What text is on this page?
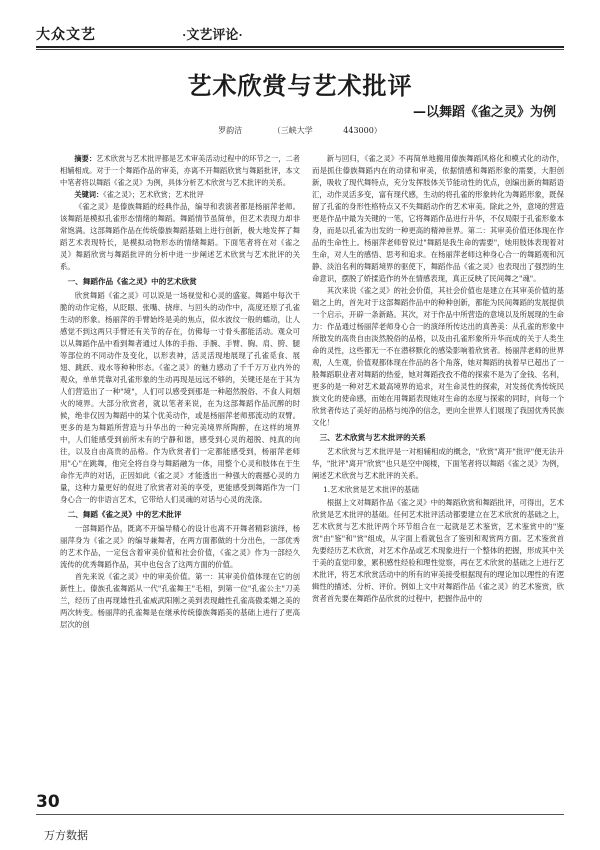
大众文艺	·文艺评论·
艺术欣赏与艺术批评
—以舞蹈《雀之灵》为例
罗韵洁	（三峡大学	443000）

摘要：艺术欣赏与艺术批评都是艺术审美活动过程中的环节之一，二者相辅相成。对于一个舞蹈作品的审美，亦离不开舞蹈欣赏与舞蹈批评，本文中笔者将以舞蹈《雀之灵》为例，具体分析艺术欣赏与艺术批评的关系。

关键词：《雀之灵》；艺术欣赏；艺术批评

《雀之灵》是傣族舞蹈的经典作品，编导和表演者都是杨丽萍老师。该舞蹈是模拟孔雀形态情绪的舞蹈。舞蹈情节虽简单，但艺术表现力却非常饱满。这部舞蹈作品在传统傣族舞蹈基础上进行创新，极大地发挥了舞蹈艺术表现特长，是模拟动物形态的情绪舞蹈。下面笔者将在对《雀之灵》舞蹈欣赏与舞蹈批评的分析中进一步阐述艺术欣赏与艺术批评的关系。

一、舞蹈作品《雀之灵》中的艺术欣赏

欣赏舞蹈《雀之灵》可以说是一场视觉和心灵的盛宴。舞蹈中每次干脆的动作定格，从眨眼、张嘴、挠痒、与回头的动作中，高度还原了孔雀生动的形象。杨丽萍的手臂始终是美的焦点，似水波纹一般的蠕动，让人感觉不到这两只手臂还有关节的存在，仿佛每一寸骨头都能活动。观众可以从舞蹈作品中看到舞者通过人体的手指、手腕、手臂、胸、肩、胯、腿等部位的不同动作及变化，以形表神，活灵活现地展现了孔雀觅食、展翅、跳跃、戏水等种种形态。《雀之灵》的魅力感动了千千万万业内外的观众，单单凭靠对孔雀形象的生动再现是远远不够的，关键还是在于其为人们营造出了一种"境"，人们可以感受到那是一种超然脱俗、不食人间烟火的境界。大部分欣赏者，就以笔者来说，在为这部舞蹈作品沉醉的时候，绝非仅因为舞蹈中的某个优美动作，或是杨丽萍老师那流动的双臂。更多的是为舞蹈所营造与升华出的一种完美境界所陶醉，在这样的境界中，人们能感受到前所未有的宁静和谐，感受到心灵的超脱、纯真的向往，以及自由高贵的品格。作为欣赏者们一定都能感受到，杨丽萍老师用"心"在跳舞，他完全将自身与舞蹈融为一体，用整个心灵和肢体在于生命作无声的对话，正因如此《雀之灵》才能透出一种强大的震撼心灵的力量，这种力量更好的促进了欣赏者对美的享受，更能感受到舞蹈作为一门身心合一的非语言艺术，它带给人们灵魂的对话与心灵的洗涤。

二、舞蹈《雀之灵》中的艺术批评

一部舞蹈作品，既离不开编导精心的设计也离不开舞者精彩演绎，杨丽萍身为《雀之灵》的编导兼舞者，在两方面都做的十分出色，一部优秀的艺术作品，一定包含着审美价值和社会价值，《雀之灵》作为一部经久流传的优秀舞蹈作品，其中也包含了这两方面的价值。

首先来说《雀之灵》中的审美价值。第一：其审美价值体现在它的创新性上。傣族孔雀舞蹈从一代"孔雀舞王"毛相，到第一位"孔雀公主"刀美兰，经历了由再现雄性孔雀威武阳刚之美到表现雌性孔雀高傲柔媚之美的两次转变。杨丽萍的孔雀舞是在继承传统傣族舞蹈美的基础上进行了更高层次的创

新与回归，《雀之灵》不再简单地搬用傣族舞蹈风格化和模式化的动作，而是抓住傣族舞蹈内在的动律和审美，依据情感和舞蹈形象的需要，大胆创新，吸收了现代舞特点，充分发挥肢体关节能动性的优点，创编出新的舞蹈语汇，动作灵活多变，富有现代感，生动的将孔雀的形象转化为舞蹈形象，既保留了孔雀的身形性格特点又不失舞蹈动作的艺术审美。除此之外，意境的营造更是作品中最为关键的一笔，它将舞蹈作品进行升华，不仅局限于孔雀形象本身，而是以孔雀为出发的一种更高的精神世界。第二：其审美价值还体现在作品的生命性上。杨丽萍老师曾说过"舞蹈是我生命的需要"，她用肢体表现着对生命，对人生的感悟、思考和追求。在杨丽萍老师这种身心合一的舞蹈观和沉静、淡泊名利的舞蹈境界的驱使下，舞蹈作品《雀之灵》也表现出了强烈的生命意识，摆脱了娇揉造作的外在情感表现，真正反映了民间舞之"魂"。

其次来说《雀之灵》的社会价值，其社会价值也是建立在其审美价值的基础之上的，首先对于这部舞蹈作品中的种种创新，都能为民间舞蹈的发展提供一个启示，开辟一条新路。其次，对于作品中所营造的意境以及所展现的生命力：作品通过杨丽萍老师身心合一的演绎所传达出的真善美：从孔雀的形象中所散发的高贵自由淡然脱俗的品格，以及由孔雀形象所升华而成的关于人类生命的灵性，这些都无一不在潜移默化的感染影响着欣赏者。杨丽萍老师的世界观，人生观，价值观都体现在作品的各个角落，她对舞蹈的执着早已超出了一般舞蹈职业者对舞蹈的热爱，她对舞蹈孜孜不倦的探索不是为了金钱、名利，更多的是一种对艺术最高境界的追求，对生命灵性的探索，对发扬优秀传统民族文化的使命感，而她在用舞蹈表现她对生命的态度与探索的同时，向每一个欣赏者传达了美好的品格与纯净的信念，更向全世界人们展现了我国优秀民族文化！

三、艺术欣赏与艺术批评的关系

艺术欣赏与艺术批评是一对相辅相成的概念，"欣赏"离开"批评"便无法升华，"批评"离开"欣赏"也只是空中阁楼，下面笔者将以舞蹈《雀之灵》为例，阐述艺术欣赏与艺术批评的关系。

1.艺术欣赏是艺术批评的基础

根据上文对舞蹈作品《雀之灵》中的舞蹈欣赏和舞蹈批评，可得出，艺术欣赏是艺术批评的基础。任何艺术批评活动都要建立在艺术欣赏的基础之上，艺术欣赏与艺术批评两个环节组合在一起就是艺术鉴赏，艺术鉴赏中的"鉴赏"由"鉴"和"赏"组成，从字面上看就包含了鉴别和观赏两方面。艺术鉴赏首先要经历艺术欣赏，对艺术作品或艺术现象进行一个整体的把握，形成其中关于美的直觉印象，累积感性经验和理性觉察，再在艺术欣赏的基础之上进行艺术批评，将艺术欣赏活动中的所有的审美接受根据现有的理论加以理性的有逻辑性的描述、分析、评价。例如上文中对舞蹈作品《雀之灵》的艺术鉴赏，欣赏者首先要在舞蹈作品欣赏的过程中，把握作品中的

30
万方数据
